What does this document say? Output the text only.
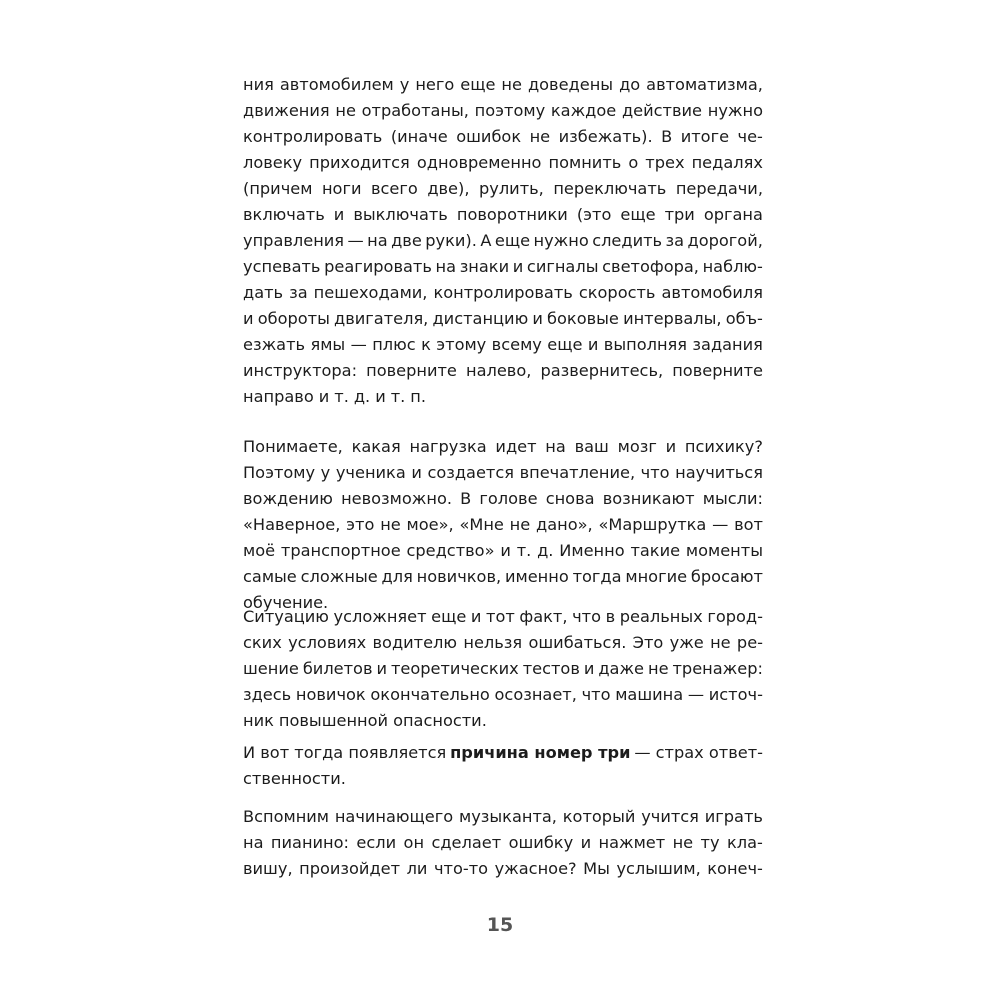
ния автомобилем у него еще не доведены до автоматизма,
движения не отработаны, поэтому каждое действие нужно
контролировать (иначе ошибок не избежать). В итоге че-
ловеку приходится одновременно помнить о трех педалях
(причем ноги всего две), рулить, переключать передачи,
включать и выключать поворотники (это еще три органа
управления — на две руки). А еще нужно следить за дорогой,
успевать реагировать на знаки и сигналы светофора, наблю-
дать за пешеходами, контролировать скорость автомобиля
и обороты двигателя, дистанцию и боковые интервалы, объ-
езжать ямы — плюс к этому всему еще и выполняя задания
инструктора: поверните налево, развернитесь, поверните
направо и т. д. и т. п.
Понимаете, какая нагрузка идет на ваш мозг и психику?
Поэтому у ученика и создается впечатление, что научиться
вождению невозможно. В голове снова возникают мысли:
«Наверное, это не мое», «Мне не дано», «Маршрутка — вот
моё транспортное средство» и т. д. Именно такие моменты
самые сложные для новичков, именно тогда многие бросают
обучение.
Ситуацию усложняет еще и тот факт, что в реальных город-
ских условиях водителю нельзя ошибаться. Это уже не ре-
шение билетов и теоретических тестов и даже не тренажер:
здесь новичок окончательно осознает, что машина — источ-
ник повышенной опасности.
И вот тогда появляется причина номер три — страх ответ-
ственности.
Вспомним начинающего музыканта, который учится играть
на пианино: если он сделает ошибку и нажмет не ту кла-
вишу, произойдет ли что-то ужасное? Мы услышим, конеч-
15
